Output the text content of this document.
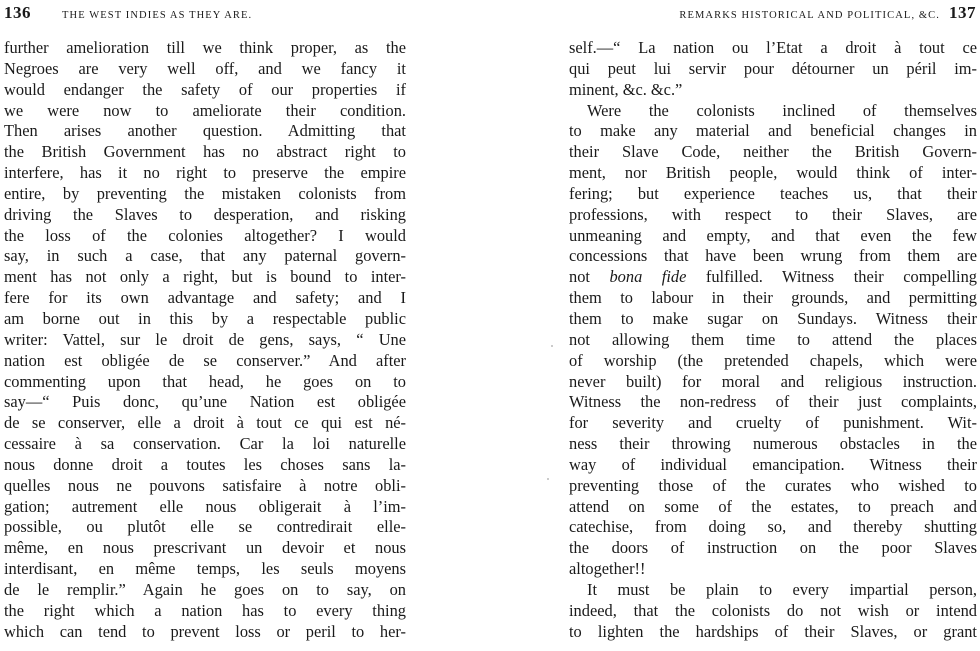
136	THE WEST INDIES AS THEY ARE.
further amelioration till we think proper, as the
Negroes are very well off, and we fancy it
would endanger the safety of our properties if
we were now to ameliorate their condition.
Then arises another question. Admitting that
the British Government has no abstract right to
interfere, has it no right to preserve the empire
entire, by preventing the mistaken colonists from
driving the Slaves to desperation, and risking
the loss of the colonies altogether? I would
say, in such a case, that any paternal govern-
ment has not only a right, but is bound to inter-
fere for its own advantage and safety; and I
am borne out in this by a respectable public
writer: Vattel, sur le droit de gens, says, “ Une
nation est obligée de se conserver.” And after
commenting upon that head, he goes on to
say—“ Puis donc, qu’une Nation est obligée
de se conserver, elle a droit à tout ce qui est né-
cessaire à sa conservation. Car la loi naturelle
nous donne droit a toutes les choses sans la-
quelles nous ne pouvons satisfaire à notre obli-
gation; autrement elle nous obligerait à l’im-
possible, ou plutôt elle se contredirait elle-
même, en nous prescrivant un devoir et nous
interdisant, en même temps, les seuls moyens
de le remplir.” Again he goes on to say, on
the right which a nation has to every thing
which can tend to prevent loss or peril to her-
REMARKS HISTORICAL AND POLITICAL, &C. 137
self.—“ La nation ou l’Etat a droit à tout ce
qui peut lui servir pour détourner un péril im-
minent, &c. &c.”
Were the colonists inclined of themselves
to make any material and beneficial changes in
their Slave Code, neither the British Govern-
ment, nor British people, would think of inter-
fering; but experience teaches us, that their
professions, with respect to their Slaves, are
unmeaning and empty, and that even the few
concessions that have been wrung from them are
not bona fide fulfilled. Witness their compelling
them to labour in their grounds, and permitting
them to make sugar on Sundays. Witness their
not allowing them time to attend the places
of worship (the pretended chapels, which were
never built) for moral and religious instruction.
Witness the non-redress of their just complaints,
for severity and cruelty of punishment. Wit-
ness their throwing numerous obstacles in the
way of individual emancipation. Witness their
preventing those of the curates who wished to
attend on some of the estates, to preach and
catechise, from doing so, and thereby shutting
the doors of instruction on the poor Slaves
altogether!!
It must be plain to every impartial person,
indeed, that the colonists do not wish or intend
to lighten the hardships of their Slaves, or grant
